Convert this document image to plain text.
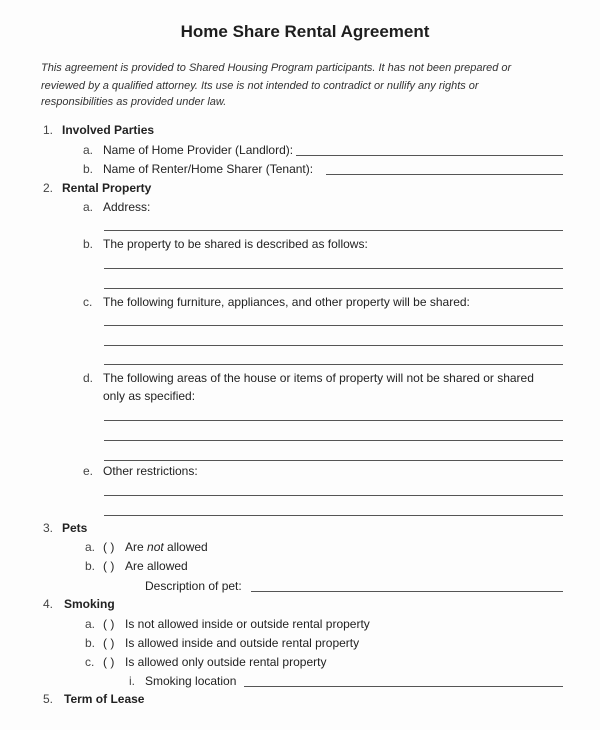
Home Share Rental Agreement
This agreement is provided to Shared Housing Program participants. It has not been prepared or
reviewed by a qualified attorney. Its use is not intended to contradict or nullify any rights or
responsibilities as provided under law.
1. Involved Parties
a. Name of Home Provider (Landlord):
b. Name of Renter/Home Sharer (Tenant):
2. Rental Property
a. Address:
b. The property to be shared is described as follows:
c. The following furniture, appliances, and other property will be shared:
d. The following areas of the house or items of property will not be shared or shared
only as specified:
e. Other restrictions:
3. Pets
a. ( ) Are not allowed
b. ( ) Are allowed
Description of pet:
4. Smoking
a. ( ) Is not allowed inside or outside rental property
b. ( ) Is allowed inside and outside rental property
c. ( ) Is allowed only outside rental property
i. Smoking location
5. Term of Lease
